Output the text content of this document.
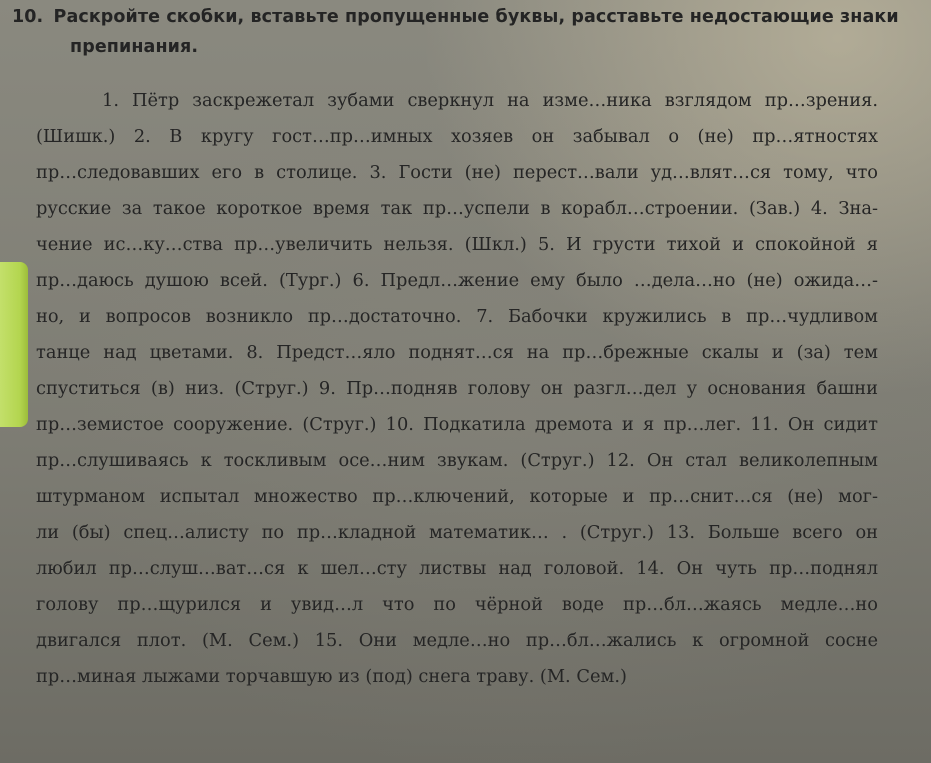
10. Раскройте скобки, вставьте пропущенные буквы, расставьте недостающие знаки
препинания.
1. Пётр заскрежетал зубами сверкнул на изме…ника взглядом пр…зрения.
(Шишк.) 2. В кругу гост…пр…имных хозяев он забывал о (не) пр…ятностях
пр…следовавших его в столице. 3. Гости (не) перест…вали уд…влят…ся тому, что
русские за такое короткое время так пр…успели в корабл…строении. (Зав.) 4. Зна-
чение ис…ку…ства пр…увеличить нельзя. (Шкл.) 5. И грусти тихой и спокойной я
пр…даюсь душою всей. (Тург.) 6. Предл…жение ему было …дела…но (не) ожида…-
но, и вопросов возникло пр…достаточно. 7. Бабочки кружились в пр…чудливом
танце над цветами. 8. Предст…яло поднят…ся на пр…брежные скалы и (за) тем
спуститься (в) низ. (Струг.) 9. Пр…подняв голову он разгл…дел у основания башни
пр…земистое сооружение. (Струг.) 10. Подкатила дремота и я пр…лег. 11. Он сидит
пр…слушиваясь к тоскливым осе…ним звукам. (Струг.) 12. Он стал великолепным
штурманом испытал множество пр…ключений, которые и пр…снит…ся (не) мог-
ли (бы) спец…алисту по пр…кладной математик… . (Струг.) 13. Больше всего он
любил пр…слуш…ват…ся к шел…сту листвы над головой. 14. Он чуть пр…поднял
голову пр…щурился и увид…л что по чёрной воде пр…бл…жаясь медле…но
двигался плот. (М. Сем.) 15. Они медле…но пр…бл…жались к огромной сосне
пр…миная лыжами торчавшую из (под) снега траву. (М. Сем.)
